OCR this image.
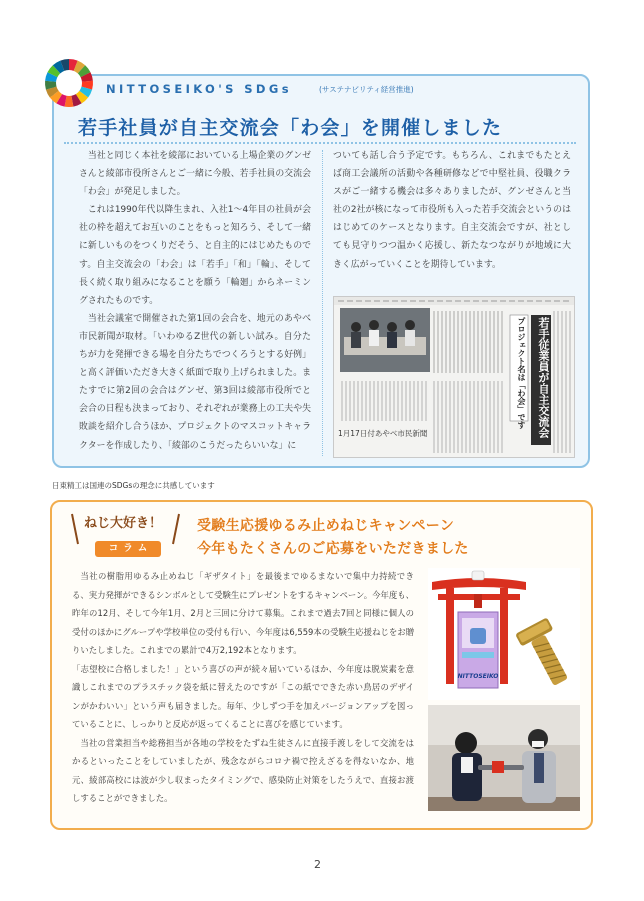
NITTOSEIKO'S SDGs	(サステナビリティ経営推進)
若手社員が自主交流会「わ会」を開催しました

当社と同じく本社を綾部においている上場企業のグンゼさんと綾部市役所さんとご一緒に今般、若手社員の交流会「わ会」が発足しました。

これは1990年代以降生まれ、入社1～4年目の社員が会社の枠を超えてお互いのことをもっと知ろう、そして一緒に新しいものをつくりだそう、と自主的にはじめたものです。自主交流会の「わ会」は「若手」「和」「輪」、そして長く続く取り組みになることを願う「輪廻」からネーミングされたものです。

当社会議室で開催された第1回の会合を、地元のあやべ市民新聞が取材。「いわゆるZ世代の新しい試み。自分たちが力を発揮できる場を自分たちでつくろうとする好例」と高く評価いただき大きく紙面で取り上げられました。またすでに第2回の会合はグンゼ、第3回は綾部市役所でと会合の日程も決まっており、それぞれが業務上の工夫や失敗談を紹介し合うほか、プロジェクトのマスコットキャラクターを作成したり、「綾部のこうだったらいいな」に

ついても話し合う予定です。もちろん、これまでもたとえば商工会議所の活動や各種研修などで中堅社員、役職クラスがご一緒する機会は多々ありましたが、グンゼさんと当社の2社が核になって市役所も入った若手交流会というのははじめてのケースとなります。自主交流会ですが、社としても見守りつつ温かく応援し、新たなつながりが地域に大きく広がっていくことを期待しています。

プロジェクト名は「わ会」です	若手従業員が自主交流会
1月17日付あやべ市民新聞
日東精工は国連のSDGsの理念に共感しています
ねじ大好き！
コラム
受験生応援ゆるみ止めねじキャンペーン
今年もたくさんのご応募をいただきました

当社の樹脂用ゆるみ止めねじ「ギザタイト」を最後までゆるまないで集中力持続できる、実力発揮ができるシンボルとして受験生にプレゼントをするキャンペーン。今年度も、昨年の12月、そして今年1月、2月と三回に分けて募集。これまで過去7回と同様に個人の受付のほかにグループや学校単位の受付も行い、今年度は6,559本の受験生応援ねじをお贈りいたしました。これまでの累計で4万2,192本となります。

「志望校に合格しました！」という喜びの声が続々届いているほか、今年度は脱炭素を意識しこれまでのプラスチック袋を紙に替えたのですが「この紙でできた赤い鳥居のデザインがかわいい」という声も届きました。毎年、少しずつ手を加えバージョンアップを図っていることに、しっかりと反応が返ってくることに喜びを感じています。

当社の営業担当や総務担当が各地の学校をたずね生徒さんに直接手渡しをして交流をはかるといったことをしていましたが、残念ながらコロナ禍で控えざるを得ないなか、地元、綾部高校には波が少し収まったタイミングで、感染防止対策をしたうえで、直接お渡しすることができました。

NITTOSEIKO
2
